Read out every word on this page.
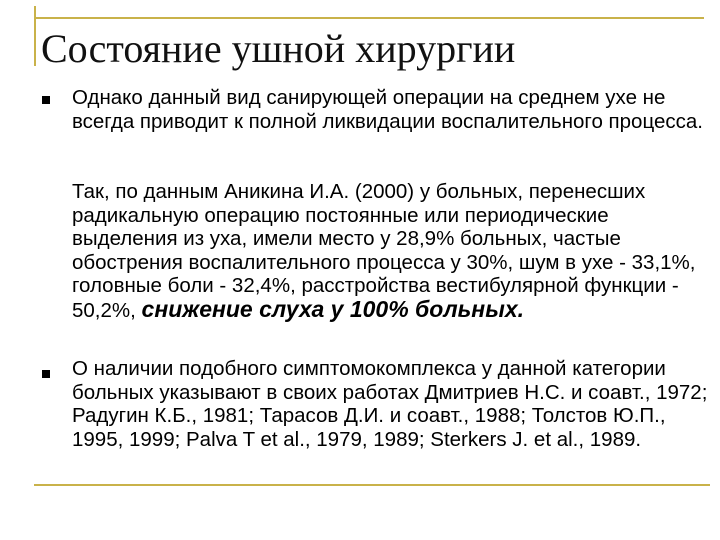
Состояние ушной хирургии

Однако данный вид санирующей операции на среднем ухе не всегда приводит к полной ликвидации воспалительного процесса.

Так, по данным Аникина И.А. (2000) у больных, перенесших радикальную операцию постоянные или периодические выделения из уха, имели место у 28,9% больных, частые обострения воспалительного процесса у 30%, шум в ухе - 33,1%, головные боли - 32,4%, расстройства вестибулярной функции - 50,2%, снижение слуха у 100% больных.

О наличии подобного симптомокомплекса у данной категории больных указывают в своих работах Дмитриев Н.С. и соавт., 1972; Радугин К.Б., 1981; Тарасов Д.И. и соавт., 1988; Толстов Ю.П., 1995, 1999; Palva T et al., 1979, 1989; Sterkers J. et al., 1989.
